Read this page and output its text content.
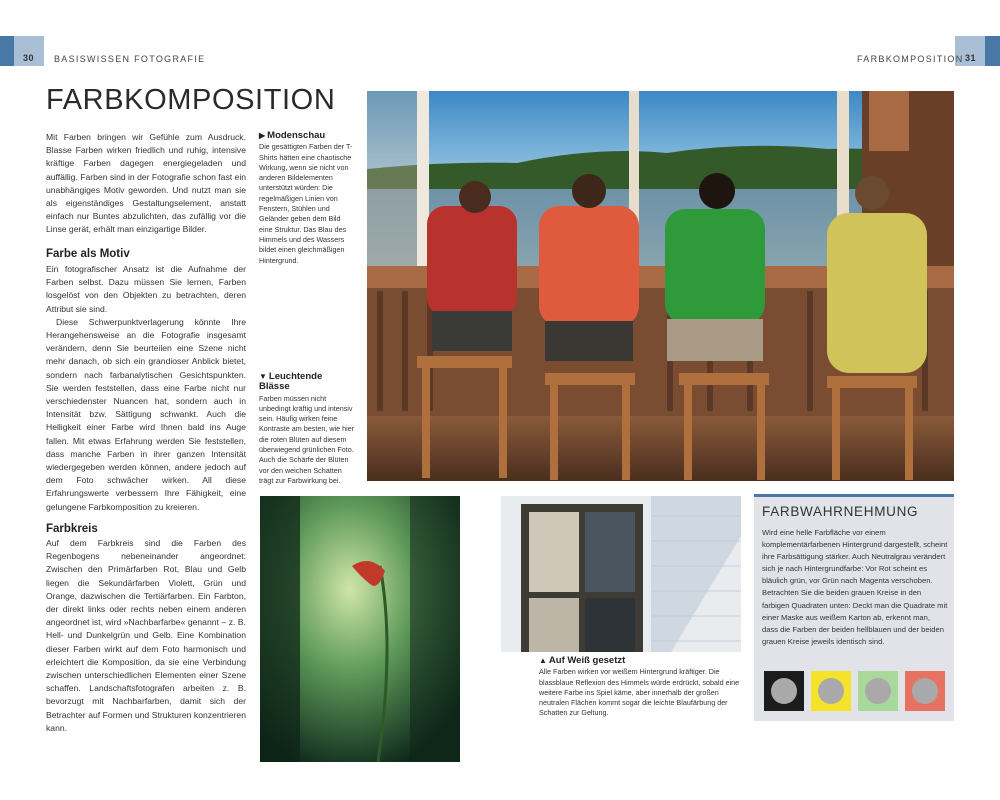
30 BASISWISSEN FOTOGRAFIE	FARBKOMPOSITION 31
FARBKOMPOSITION

Mit Farben bringen wir Gefühle zum Ausdruck. Blasse Farben wirken friedlich und ruhig, intensive kräftige Farben dagegen energiegeladen und auffällig. Farben sind in der Fotografie schon fast ein unabhängiges Motiv geworden. Und nutzt man sie als eigenständiges Gestaltungselement, anstatt einfach nur Buntes abzulichten, das zufällig vor die Linse gerät, erhält man einzigartige Bilder.

Farbe als Motiv

Ein fotografischer Ansatz ist die Aufnahme der Farben selbst. Dazu müssen Sie lernen, Farben losgelöst von den Objekten zu betrachten, deren Attribut sie sind.

Diese Schwerpunktverlagerung könnte Ihre Herangehensweise an die Fotografie insgesamt verändern, denn Sie beurteilen eine Szene nicht mehr danach, ob sich ein grandioser Anblick bietet, sondern nach farbanalytischen Gesichtspunkten. Sie werden feststellen, dass eine Farbe nicht nur verschiedenster Nuancen hat, sondern auch in Intensität bzw. Sättigung schwankt. Auch die Helligkeit einer Farbe wird Ihnen bald ins Auge fallen. Mit etwas Erfahrung werden Sie feststellen, dass manche Farben in ihrer ganzen Intensität wiedergegeben werden können, andere jedoch auf dem Foto schwächer wirken. All diese Erfahrungswerte verbessern Ihre Fähigkeit, eine gelungene Farbkomposition zu kreieren.

Farbkreis

Auf dem Farbkreis sind die Farben des Regenbogens nebeneinander angeordnet: Zwischen den Primärfarben Rot, Blau und Gelb liegen die Sekundärfarben Violett, Grün und Orange, dazwischen die Tertiärfarben. Ein Farbton, der direkt links oder rechts neben einem anderen angeordnet ist, wird »Nachbarfarbe« genannt – z. B. Hell- und Dunkelgrün und Gelb. Eine Kombination dieser Farben wirkt auf dem Foto harmonisch und erleichtert die Komposition, da sie eine Verbindung zwischen unterschiedlichen Elementen einer Szene schaffen. Landschaftsfotografen arbeiten z. B. bevorzugt mit Nachbarfarben, damit sich der Betrachter auf Formen und Strukturen konzentrieren kann.

▶ Modenschau
Die gesättigten Farben der T-Shirts hätten eine chaotische Wirkung, wenn sie nicht von anderen Bildelementen unterstützt würden: Die regelmäßigen Linien von Fenstern, Stühlen und Geländer geben dem Bild eine Struktur. Das Blau des Himmels und des Wassers bildet einen gleichmäßigen Hintergrund.
▼ Leuchtende Blässe
Farben müssen nicht unbedingt kräftig und intensiv sein. Häufig wirken feine Kontraste am besten, wie hier die roten Blüten auf diesem überwiegend grünlichen Foto. Auch die Schärfe der Blüten vor den weichen Schatten trägt zur Farbwirkung bei.
▲ Auf Weiß gesetzt
Alle Farben wirken vor weißem Hintergrund kräftiger. Die blassblaue Reflexion des Himmels würde erdrückt, sobald eine weitere Farbe ins Spiel käme, aber innerhalb der großen neutralen Flächen kommt sogar die leichte Blaufärbung der Schatten zur Geltung.
FARBWAHRNEHMUNG
Wird eine helle Farbfläche vor einem komplementärfarbenen Hintergrund dargestellt, scheint ihre Farbsättigung stärker. Auch Neutralgrau verändert sich je nach Hintergrundfarbe: Vor Rot scheint es bläulich grün, vor Grün nach Magenta verschoben. Betrachten Sie die beiden grauen Kreise in den farbigen Quadraten unten: Deckt man die Quadrate mit einer Maske aus weißem Karton ab, erkennt man, dass die Farben der beiden hellblauen und der beiden grauen Kreise jeweils identisch sind.
